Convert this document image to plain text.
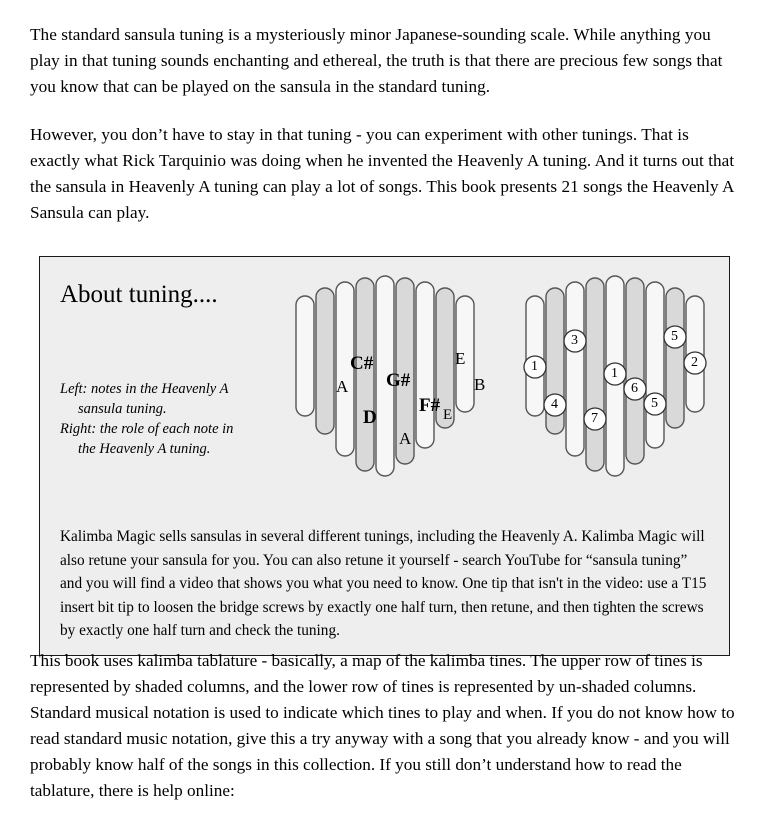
The standard sansula tuning is a mysteriously minor Japanese-sounding scale. While anything you play in that tuning sounds enchanting and ethereal, the truth is that there are precious few songs that you know that can be played on the sansula in the standard tuning.

However, you don’t have to stay in that tuning - you can experiment with other tunings. That is exactly what Rick Tarquinio was doing when he invented the Heavenly A tuning. And it turns out that the sansula in Heavenly A tuning can play a lot of songs. This book presents 21 songs the Heavenly A Sansula can play.

About tuning....
Left: notes in the Heavenly A
sansula tuning.
Right: the role of each note in
the Heavenly A tuning.
A
C#
D
G#
A
F# E
E
B
1
4
3
7
1
6
5
5
2
Kalimba Magic sells sansulas in several different tunings, including the Heavenly A. Kalimba Magic will also retune your sansula for you. You can also retune it yourself - search YouTube for “sansula tuning” and you will find a video that shows you what you need to know. One tip that isn't in the video: use a T15 insert bit tip to loosen the bridge screws by exactly one half turn, then retune, and then tighten the screws by exactly one half turn and check the tuning.
This book uses kalimba tablature - basically, a map of the kalimba tines. The upper row of tines is represented by shaded columns, and the lower row of tines is represented by un-shaded columns. Standard musical notation is used to indicate which tines to play and when. If you do not know how to read standard music notation, give this a try anyway with a song that you already know - and you will probably know half of the songs in this collection. If you still don’t understand how to read the tablature, there is help online:
